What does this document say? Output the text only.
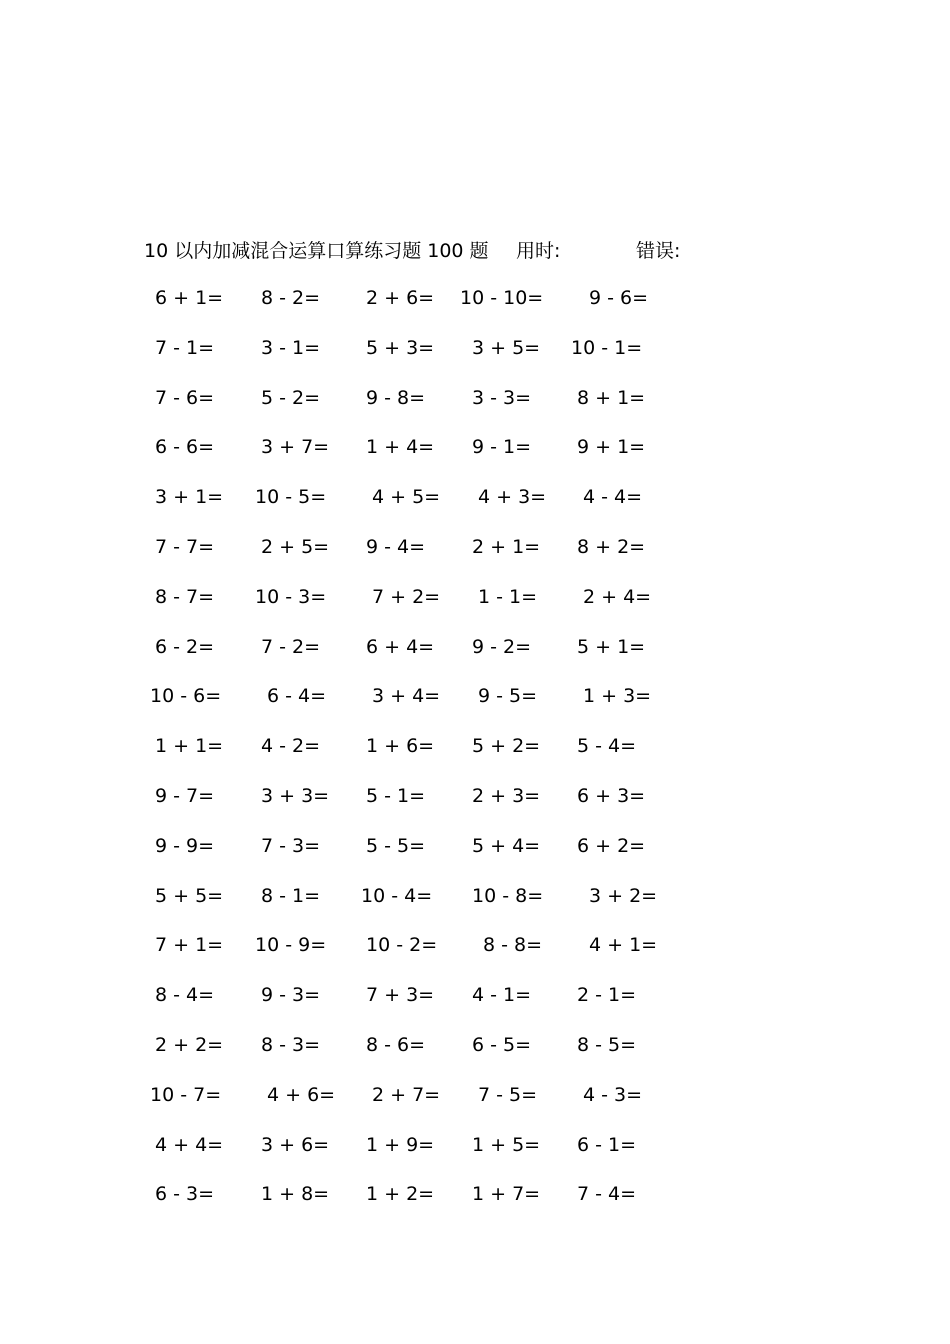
10 以内加减混合运算口算练习题 100 题 用时:	错误:
6 + 1= 8 - 2= 2 + 6= 10 - 10= 9 - 6=
7 - 1= 3 - 1= 5 + 3= 3 + 5= 10 - 1=
7 - 6= 5 - 2= 9 - 8= 3 - 3= 8 + 1=
6 - 6= 3 + 7= 1 + 4= 9 - 1= 9 + 1=
3 + 1= 10 - 5= 4 + 5= 4 + 3= 4 - 4=
7 - 7= 2 + 5= 9 - 4= 2 + 1= 8 + 2=
8 - 7= 10 - 3= 7 + 2= 1 - 1= 2 + 4=
6 - 2= 7 - 2= 6 + 4= 9 - 2= 5 + 1=
10 - 6= 6 - 4= 3 + 4= 9 - 5= 1 + 3=
1 + 1= 4 - 2= 1 + 6= 5 + 2= 5 - 4=
9 - 7= 3 + 3= 5 - 1= 2 + 3= 6 + 3=
9 - 9= 7 - 3= 5 - 5= 5 + 4= 6 + 2=
5 + 5= 8 - 1= 10 - 4= 10 - 8= 3 + 2=
7 + 1= 10 - 9= 10 - 2= 8 - 8= 4 + 1=
8 - 4= 9 - 3= 7 + 3= 4 - 1= 2 - 1=
2 + 2= 8 - 3= 8 - 6= 6 - 5= 8 - 5=
10 - 7= 4 + 6= 2 + 7= 7 - 5= 4 - 3=
4 + 4= 3 + 6= 1 + 9= 1 + 5= 6 - 1=
6 - 3= 1 + 8= 1 + 2= 1 + 7= 7 - 4=
